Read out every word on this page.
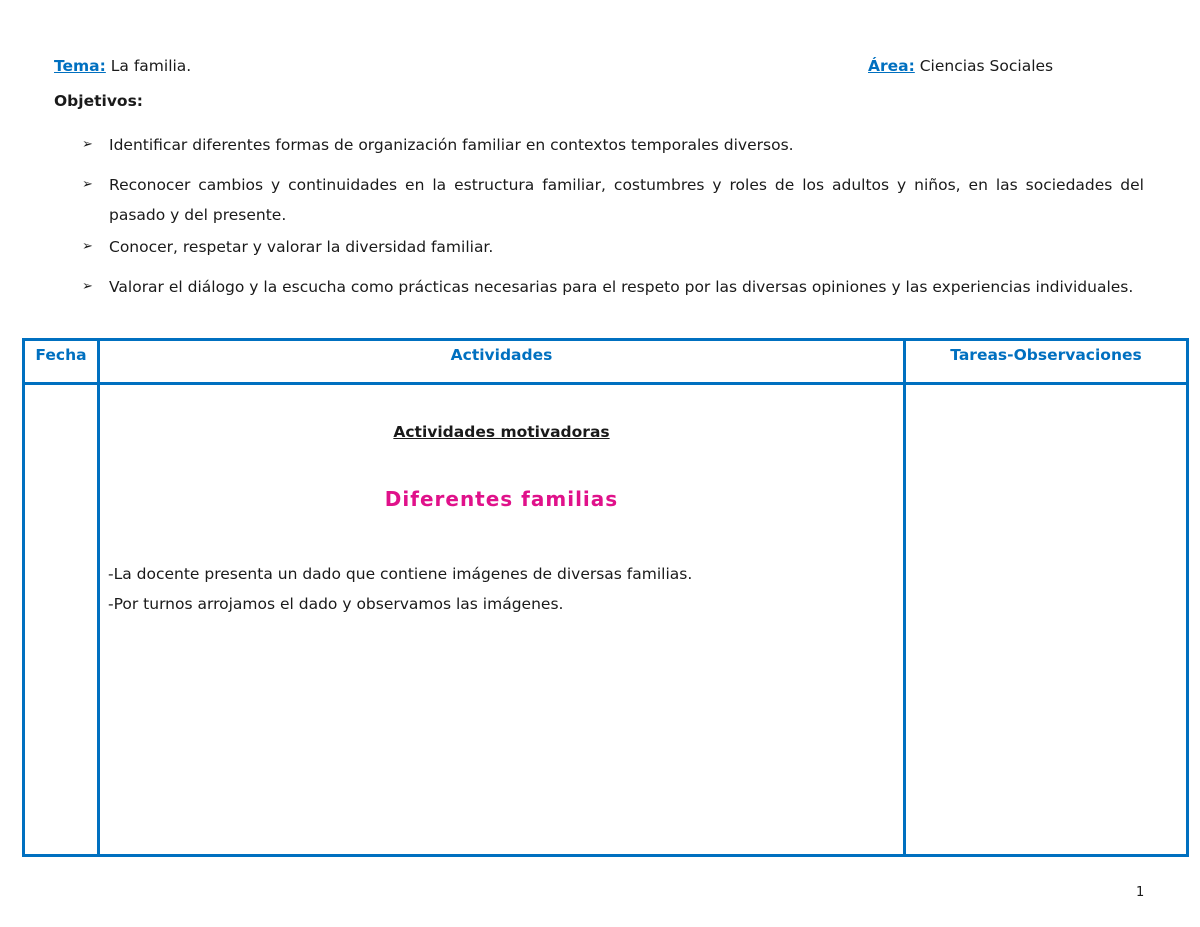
Tema: La familia.	Área: Ciencias Sociales
Objetivos:
➢ Identificar diferentes formas de organización familiar en contextos temporales diversos.
➢ Reconocer cambios y continuidades en la estructura familiar, costumbres y roles de los adultos y niños, en las sociedades del pasado y del presente.
➢ Conocer, respetar y valorar la diversidad familiar.
➢ Valorar el diálogo y la escucha como prácticas necesarias para el respeto por las diversas opiniones y las experiencias individuales.
Fecha	Actividades	Tareas-Observaciones

	Actividades motivadoras
Diferentes familias
-La docente presenta un dado que contiene imágenes de diversas familias.
-Por turnos arrojamos el dado y observamos las imágenes.	

1
